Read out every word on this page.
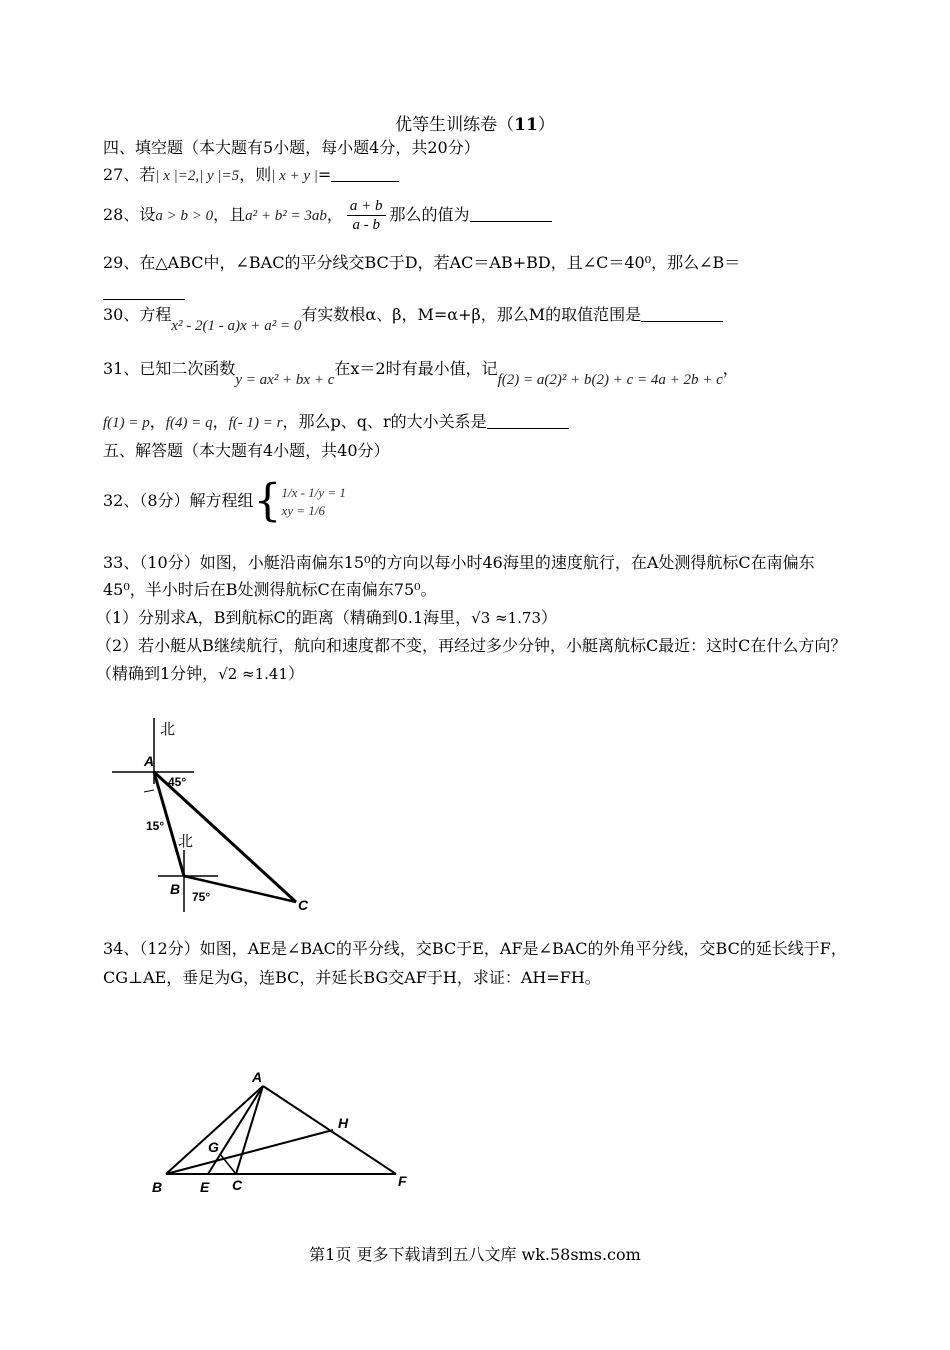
优等生训练卷（11）
四、填空题（本大题有5小题，每小题4分，共20分）
27、若| x |=2,| y |=5，则| x + y |=
28、设a > b > 0，且a² + b² = 3ab， $\frac{a + b}{a - b}$ 那么的值为
29、在△ABC中，∠BAC的平分线交BC于D，若AC＝AB+BD，且∠C＝40⁰，那么∠B＝

30、方程x² - 2(1 - a)x + a² = 0有实数根α、β，M=α+β，那么M的取值范围是
31、已知二次函数y = ax² + bx + c在x＝2时有最小值，记f(2) = a(2)² + b(2) + c = 4a + 2b + c，
f(1) = p，f(4) = q，f(- 1) = r，那么p、q、r的大小关系是
五、解答题（本大题有4小题，共40分）
32、（8分）解方程组{1/x - 1/y = 1
xy = 1/6
33、（10分）如图，小艇沿南偏东15⁰的方向以每小时46海里的速度航行，在A处测得航标C在南偏东45⁰，半小时后在B处测得航标C在南偏东75⁰。
（1）分别求A，B到航标C的距离（精确到0.1海里，√3 ≈1.73）
（2）若小艇从B继续航行，航向和速度都不变，再经过多少分钟，小艇离航标C最近：这时C在什么方向？（精确到1分钟，√2 ≈1.41）
北
A
45°
15°
北
B 75°	C
34、（12分）如图，AE是∠BAC的平分线，交BC于E，AF是∠BAC的外角平分线，交BC的延长线于F，CG⊥AE，垂足为G，连BC，并延长BG交AF于H，求证：AH=FH。
A
B	E C
G
H
F
第1页 更多下载请到五八文库 wk.58sms.com
